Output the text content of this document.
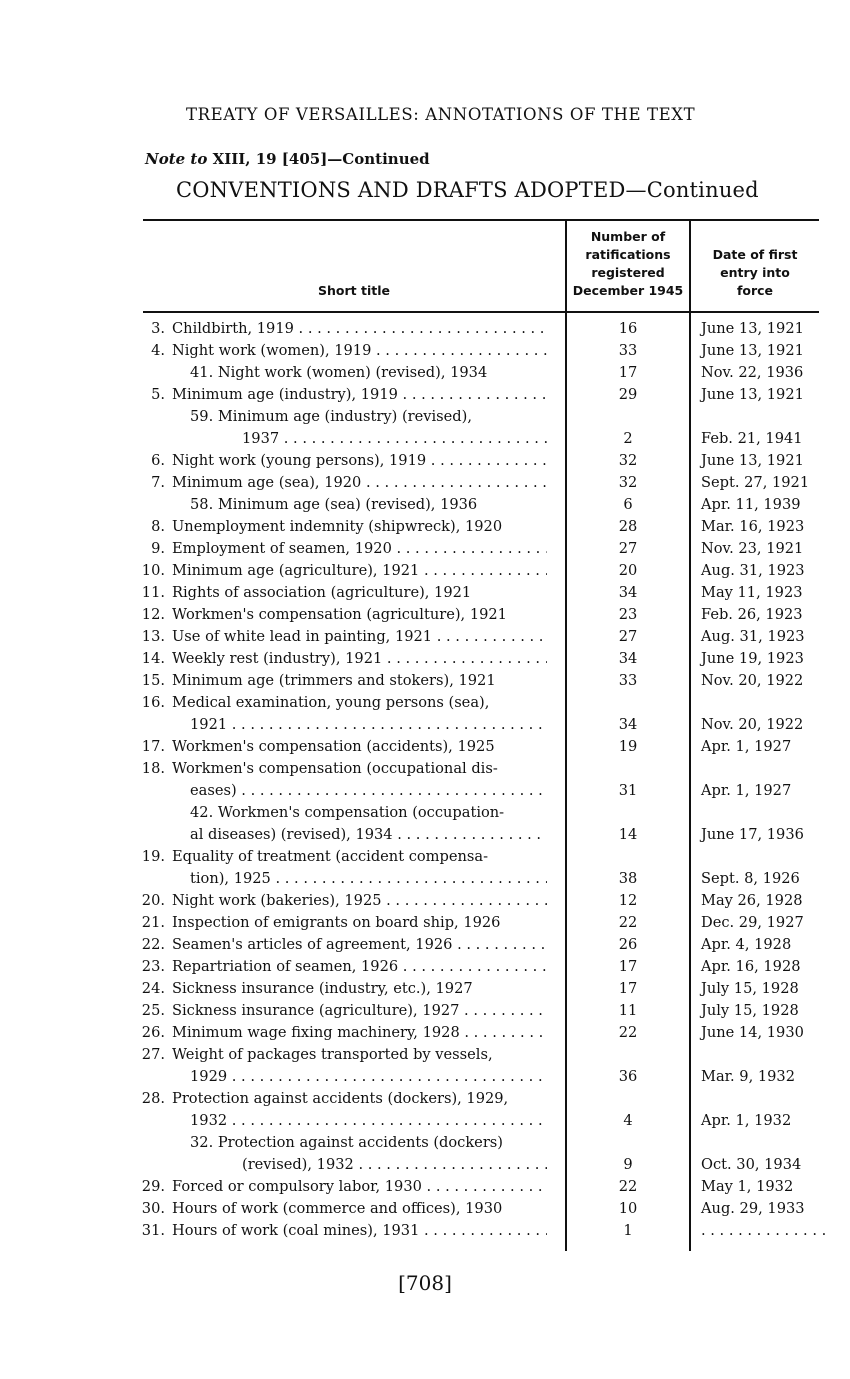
TREATY OF VERSAILLES: ANNOTATIONS OF THE TEXT
Note to XIII, 19 [405]—Continued
CONVENTIONS AND DRAFTS ADOPTED—Continued
Short title
Number of
ratifications
registered
December 1945
Date of first
entry into
force
3. Childbirth, 1919 . . .	16	June 13, 1921
4. Night work (women), 1919 . . .	33	June 13, 1921
41. Night work (women) (revised), 1934	17	Nov. 22, 1936
5. Minimum age (industry), 1919 . . .	29	June 13, 1921
59. Minimum age (industry) (revised),
1937 . . .	2	Feb. 21, 1941
6. Night work (young persons), 1919 . . .	32	June 13, 1921
7. Minimum age (sea), 1920 . . .	32	Sept. 27, 1921
58. Minimum age (sea) (revised), 1936	6	Apr. 11, 1939
8. Unemployment indemnity (shipwreck), 1920	28	Mar. 16, 1923
9. Employment of seamen, 1920 . . .	27	Nov. 23, 1921
10. Minimum age (agriculture), 1921 . . .	20	Aug. 31, 1923
11. Rights of association (agriculture), 1921	34	May 11, 1923
12. Workmen's compensation (agriculture), 1921	23	Feb. 26, 1923
13. Use of white lead in painting, 1921 . . .	27	Aug. 31, 1923
14. Weekly rest (industry), 1921 . . .	34	June 19, 1923
15. Minimum age (trimmers and stokers), 1921	33	Nov. 20, 1922
16. Medical examination, young persons (sea),
1921 . . .	34	Nov. 20, 1922
17. Workmen's compensation (accidents), 1925	19	Apr. 1, 1927
18. Workmen's compensation (occupational dis-
eases) . . .	31	Apr. 1, 1927
42. Workmen's compensation (occupation-
al diseases) (revised), 1934 . . .	14	June 17, 1936
19. Equality of treatment (accident compensa-
tion), 1925 . . .	38	Sept. 8, 1926
20. Night work (bakeries), 1925 . . .	12	May 26, 1928
21. Inspection of emigrants on board ship, 1926	22	Dec. 29, 1927
22. Seamen's articles of agreement, 1926 . . .	26	Apr. 4, 1928
23. Repartriation of seamen, 1926 . . .	17	Apr. 16, 1928
24. Sickness insurance (industry, etc.), 1927	17	July 15, 1928
25. Sickness insurance (agriculture), 1927 . . .	11	July 15, 1928
26. Minimum wage fixing machinery, 1928 . . .	22	June 14, 1930
27. Weight of packages transported by vessels,
1929 . . .	36	Mar. 9, 1932
28. Protection against accidents (dockers), 1929,
1932 . . .	4	Apr. 1, 1932
32. Protection against accidents (dockers)
(revised), 1932 . . .	9	Oct. 30, 1934
29. Forced or compulsory labor, 1930 . . .	22	May 1, 1932
30. Hours of work (commerce and offices), 1930	10	Aug. 29, 1933
31. Hours of work (coal mines), 1931 . . .	1	. . . . . . . . . . . . . .
[708]
